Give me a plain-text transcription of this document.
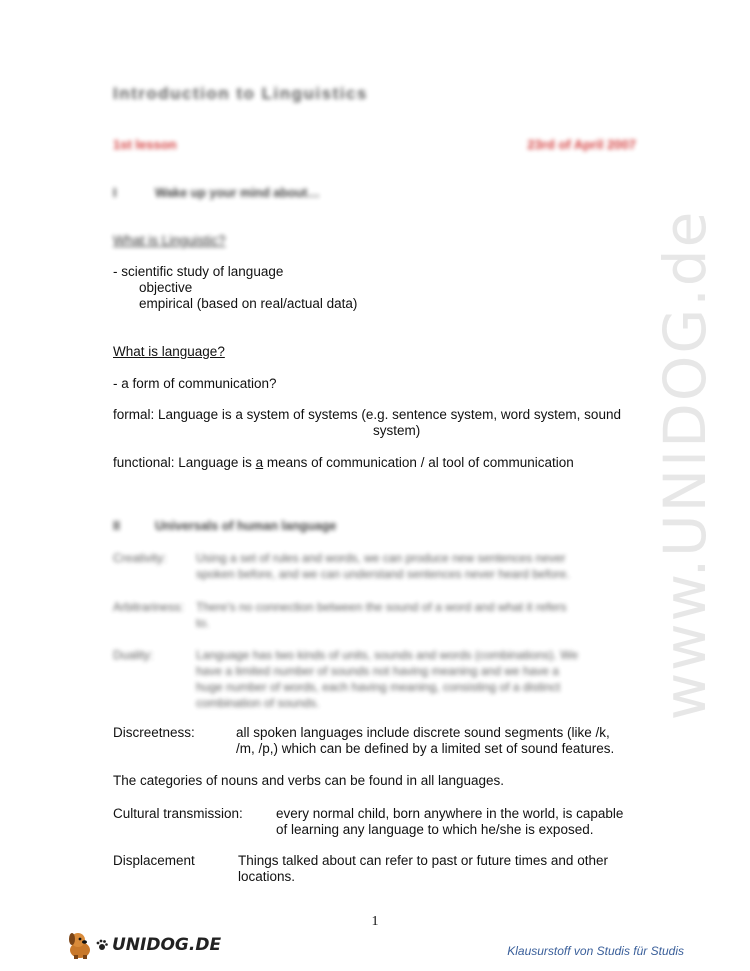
www.UNIDOG.de
Introduction to Linguistics
1st lesson	23rd of April 2007
I	Wake up your mind about…
What is Linguistic?
- scientific study of language
objective
empirical (based on real/actual data)
What is language?
- a form of communication?
formal: Language is a system of systems (e.g. sentence system, word system, sound
system)
functional: Language is a means of communication / al tool of communication
II	Universals of human language
Creativity: Using a set of rules and words, we can produce new sentences never
spoken before, and we can understand sentences never heard before.
Arbitrariness: There's no connection between the sound of a word and what it refers
to.
Duality:	Language has two kinds of units, sounds and words (combinations). We
have a limited number of sounds not having meaning and we have a
huge number of words, each having meaning, consisting of a distinct
combination of sounds.
Discreetness:	all spoken languages include discrete sound segments (like /k,
/m, /p,) which can be defined by a limited set of sound features.
The categories of nouns and verbs can be found in all languages.
Cultural transmission: every normal child, born anywhere in the world, is capable
of learning any language to which he/she is exposed.
Displacement	Things talked about can refer to past or future times and other
locations.
1
UNIDOG.DE	Klausurstoff von Studis für Studis
